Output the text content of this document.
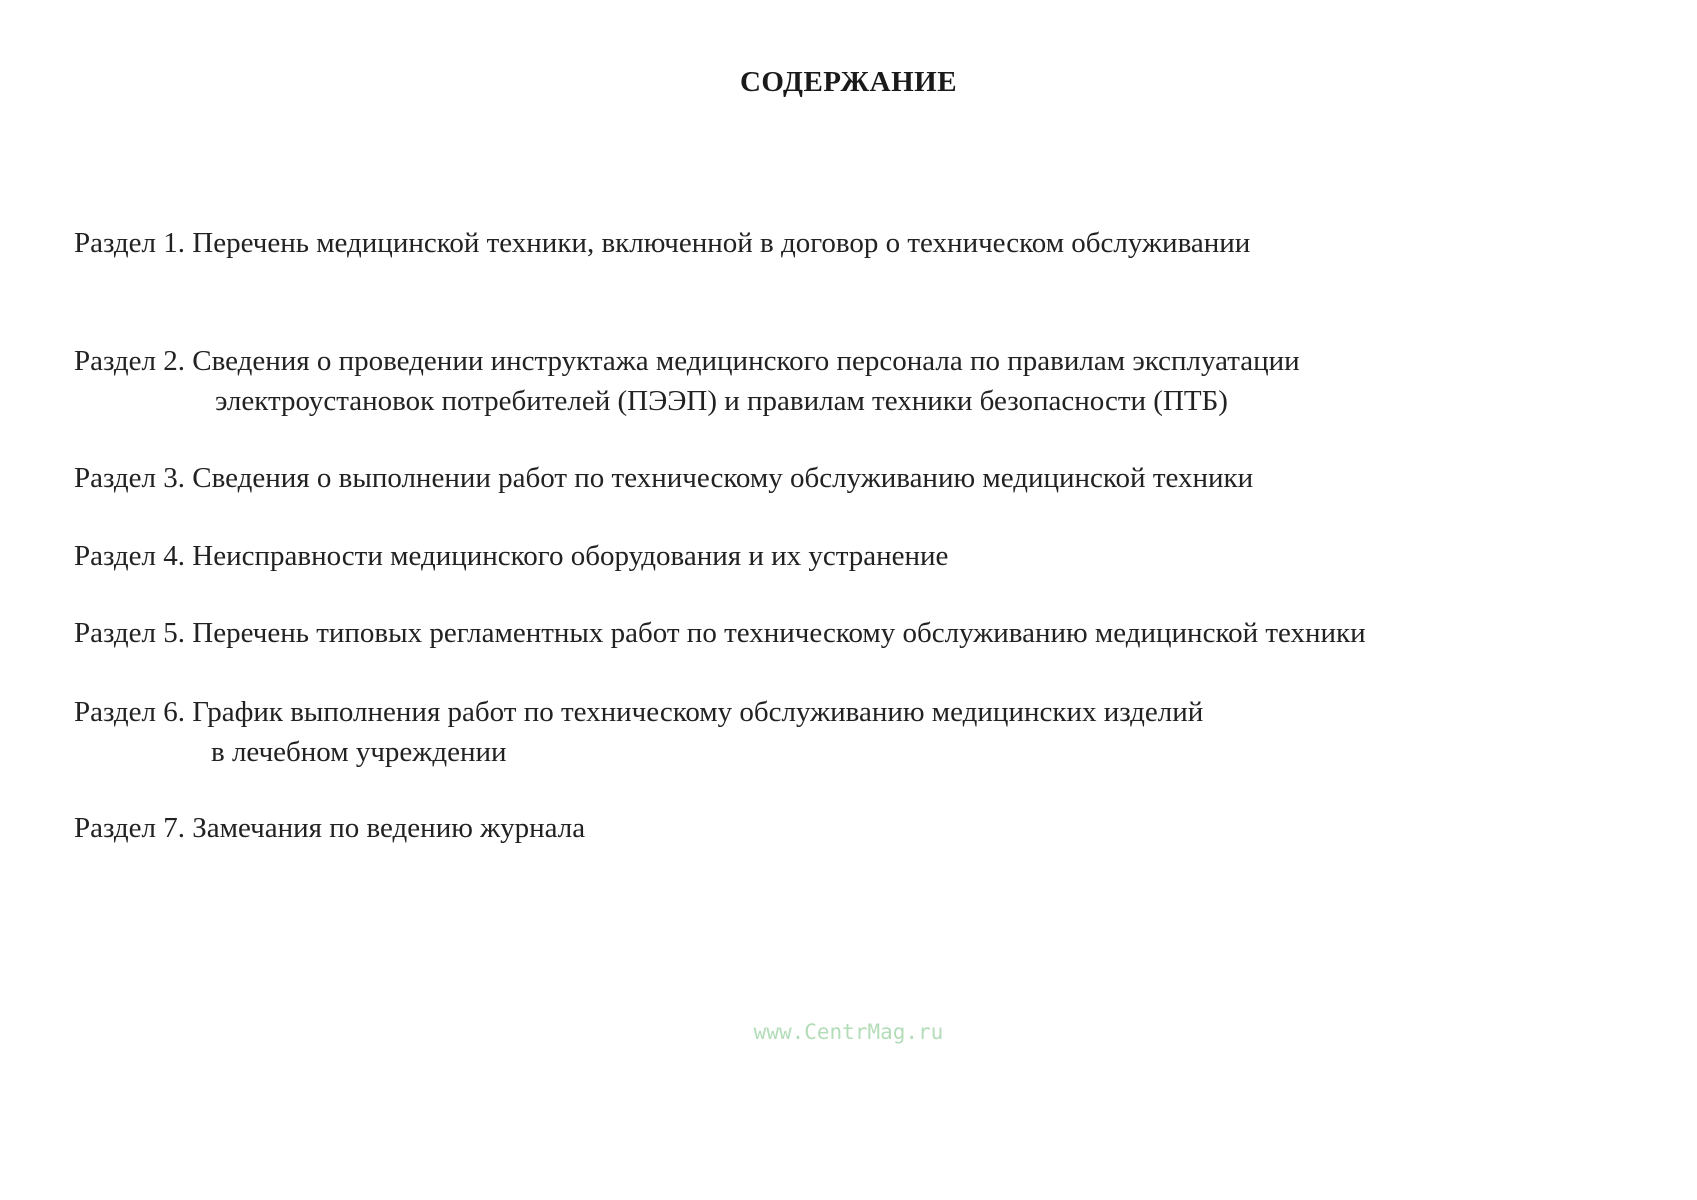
СОДЕРЖАНИЕ
Раздел 1. Перечень медицинской техники, включенной в договор о техническом обслуживании
Раздел 2. Сведения о проведении инструктажа медицинского персонала по правилам эксплуатации
электроустановок потребителей (ПЭЭП) и правилам техники безопасности (ПТБ)
Раздел 3. Сведения о выполнении работ по техническому обслуживанию медицинской техники
Раздел 4. Неисправности медицинского оборудования и их устранение
Раздел 5. Перечень типовых регламентных работ по техническому обслуживанию медицинской техники
Раздел 6. График выполнения работ по техническому обслуживанию медицинских изделий
в лечебном учреждении
Раздел 7. Замечания по ведению журнала
www.CentrMag.ru
